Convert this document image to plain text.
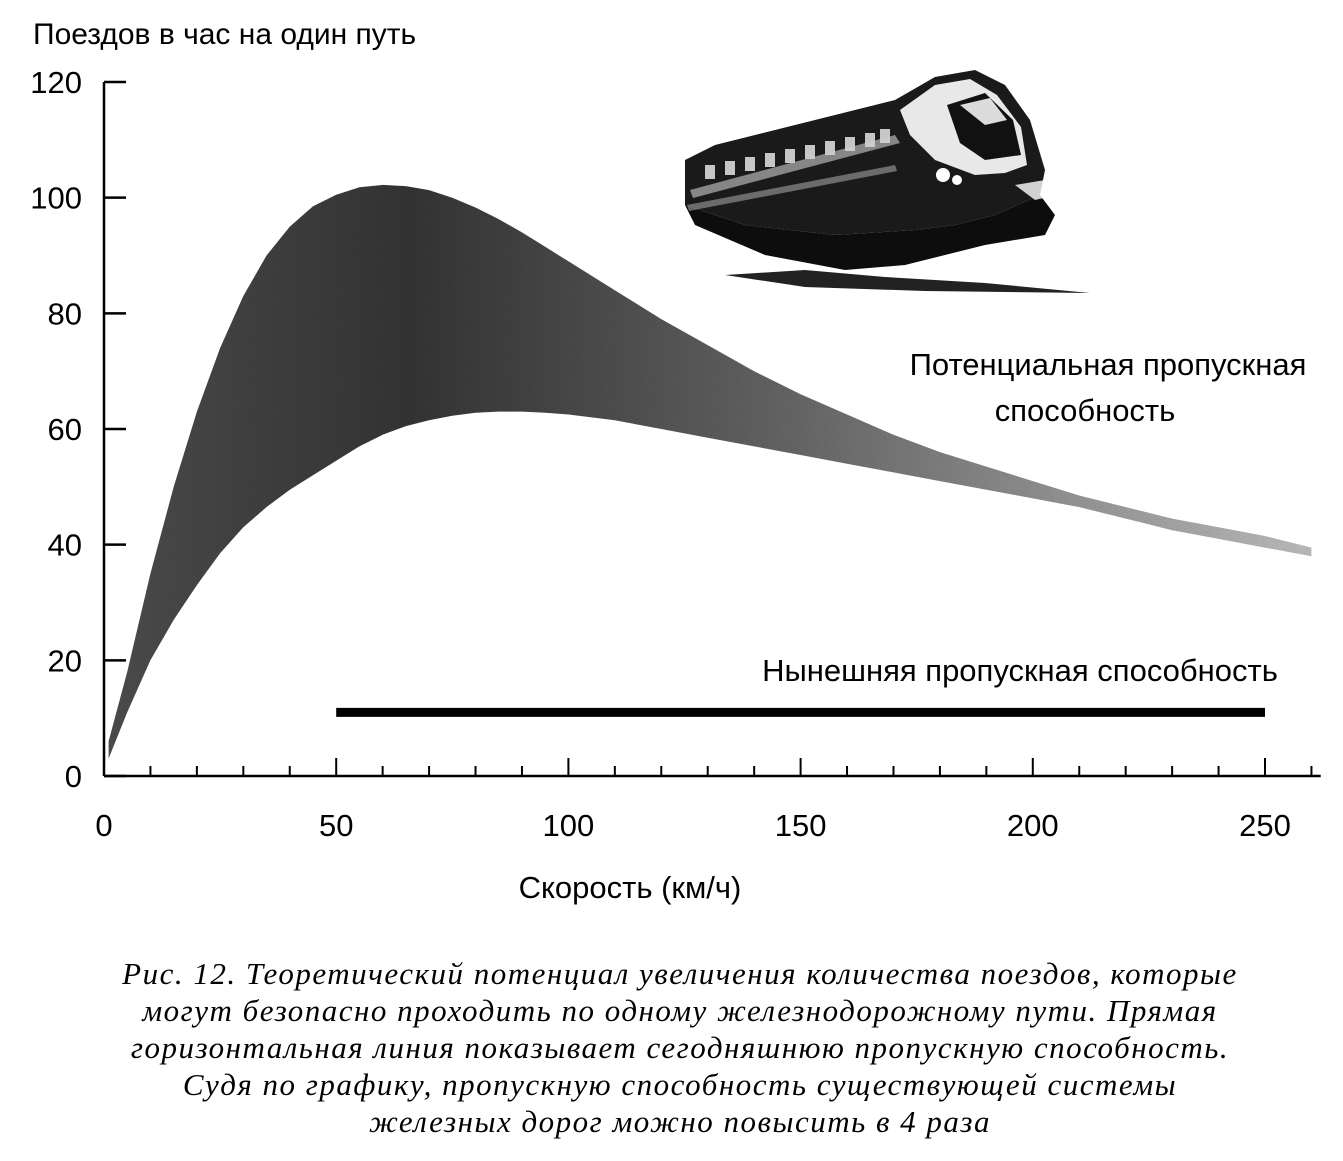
Поездов в час на один путь
0
20
40
60
80
100
120
0	50	100	150	200	250
Потенциальная пропускная
способность
Нынешняя пропускная способность
Скорость (км/ч)
Рис. 12. Теоретический потенциал увеличения количества поездов, которые
могут безопасно проходить по одному железнодорожному пути. Прямая
горизонтальная линия показывает сегодняшнюю пропускную способность.
Судя по графику, пропускную способность существующей системы
железных дорог можно повысить в 4 раза
